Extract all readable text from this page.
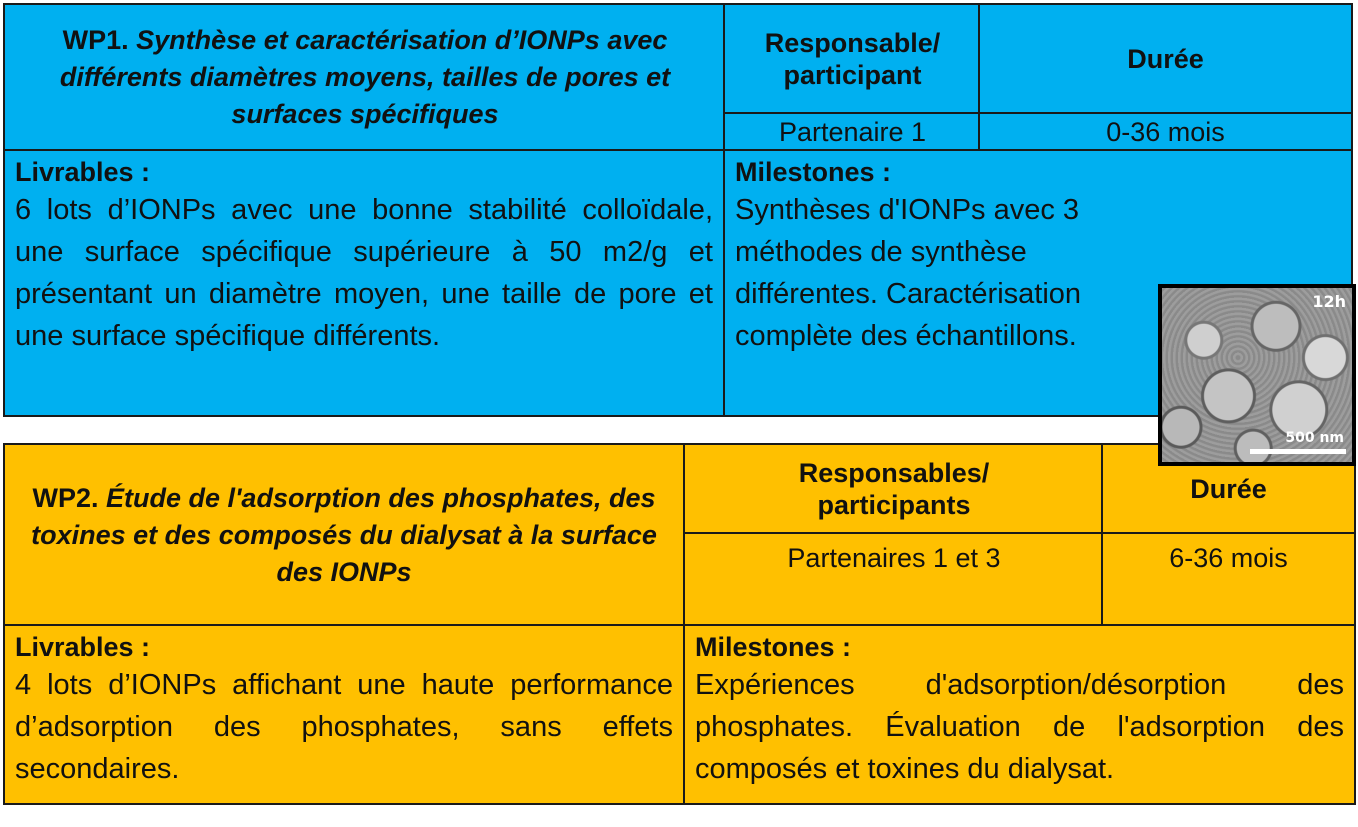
WP1. Synthèse et caractérisation d’IONPs avec différents diamètres moyens, tailles de pores et surfaces spécifiques
Responsable/
participant
Durée
Partenaire 1	0-36 mois
Livrables :
6 lots d’IONPs avec une bonne stabilité colloïdale, une surface spécifique supérieure à 50 m2/g et présentant un diamètre moyen, une taille de pore et une surface spécifique différents.
Milestones :
Synthèses d'IONPs avec 3 méthodes de synthèse différentes. Caractérisation complète des échantillons.
WP2. Étude de l'adsorption des phosphates, des toxines et des composés du dialysat à la surface des IONPs
Responsables/
participants
Durée
Partenaires 1 et 3	6-36 mois
Livrables :
4 lots d’IONPs affichant une haute performance d’adsorption des phosphates, sans effets secondaires.
Milestones :
Expériences d'adsorption/désorption des phosphates. Évaluation de l'adsorption des composés et toxines du dialysat.
12h
500 nm
